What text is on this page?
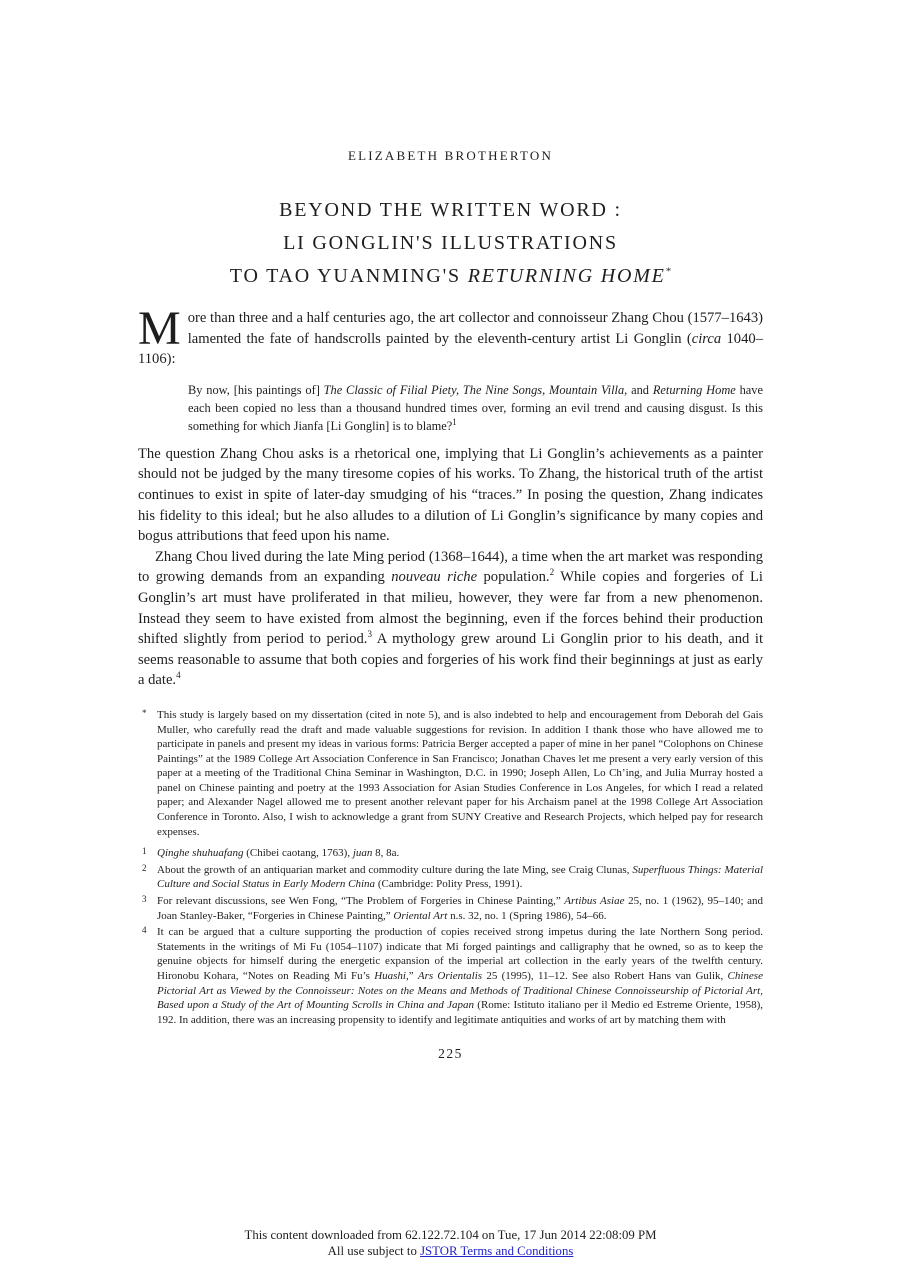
ELIZABETH BROTHERTON
BEYOND THE WRITTEN WORD :
LI GONGLIN'S ILLUSTRATIONS
TO TAO YUANMING'S RETURNING HOME*

More than three and a half centuries ago, the art collector and connoisseur Zhang Chou (1577–1643) lamented the fate of handscrolls painted by the eleventh-century artist Li Gonglin (circa 1040–1106):

By now, [his paintings of] The Classic of Filial Piety, The Nine Songs, Mountain Villa, and Returning Home have each been copied no less than a thousand hundred times over, forming an evil trend and causing disgust. Is this something for which Jianfa [Li Gonglin] is to blame?$^1$

The question Zhang Chou asks is a rhetorical one, implying that Li Gonglin’s achievements as a painter should not be judged by the many tiresome copies of his works. To Zhang, the historical truth of the artist continues to exist in spite of later-day smudging of his “traces.” In posing the question, Zhang indicates his fidelity to this ideal; but he also alludes to a dilution of Li Gonglin’s significance by many copies and bogus attributions that feed upon his name.

Zhang Chou lived during the late Ming period (1368–1644), a time when the art market was responding to growing demands from an expanding nouveau riche population.$^2$ While copies and forgeries of Li Gonglin’s art must have proliferated in that milieu, however, they were far from a new phenomenon. Instead they seem to have existed from almost the beginning, even if the forces behind their production shifted slightly from period to period.$^3$ A mythology grew around Li Gonglin prior to his death, and it seems reasonable to assume that both copies and forgeries of his work find their beginnings at just as early a date.$^4$

* This study is largely based on my dissertation (cited in note 5), and is also indebted to help and encouragement from Deborah del Gais Muller, who carefully read the draft and made valuable suggestions for revision. In addition I thank those who have allowed me to participate in panels and present my ideas in various forms: Patricia Berger accepted a paper of mine in her panel “Colophons on Chinese Paintings” at the 1989 College Art Association Conference in San Francisco; Jonathan Chaves let me present a very early version of this paper at a meeting of the Traditional China Seminar in Washington, D.C. in 1990; Joseph Allen, Lo Ch’ing, and Julia Murray hosted a panel on Chinese painting and poetry at the 1993 Association for Asian Studies Conference in Los Angeles, for which I read a related paper; and Alexander Nagel allowed me to present another relevant paper for his Archaism panel at the 1998 College Art Association Conference in Toronto. Also, I wish to acknowledge a grant from SUNY Creative and Research Projects, which helped pay for research expenses.
1 Qinghe shuhuafang (Chibei caotang, 1763), juan 8, 8a.
2 About the growth of an antiquarian market and commodity culture during the late Ming, see Craig Clunas, Superfluous Things: Material Culture and Social Status in Early Modern China (Cambridge: Polity Press, 1991).
3 For relevant discussions, see Wen Fong, “The Problem of Forgeries in Chinese Painting,” Artibus Asiae 25, no. 1 (1962), 95–140; and Joan Stanley-Baker, “Forgeries in Chinese Painting,” Oriental Art n.s. 32, no. 1 (Spring 1986), 54–66.
4 It can be argued that a culture supporting the production of copies received strong impetus during the late Northern Song period. Statements in the writings of Mi Fu (1054–1107) indicate that Mi forged paintings and calligraphy that he owned, so as to keep the genuine objects for himself during the energetic expansion of the imperial art collection in the early years of the twelfth century. Hironobu Kohara, “Notes on Reading Mi Fu’s Huashi,” Ars Orientalis 25 (1995), 11–12. See also Robert Hans van Gulik, Chinese Pictorial Art as Viewed by the Connoisseur: Notes on the Means and Methods of Traditional Chinese Connoisseurship of Pictorial Art, Based upon a Study of the Art of Mounting Scrolls in China and Japan (Rome: Istituto italiano per il Medio ed Estreme Oriente, 1958), 192. In addition, there was an increasing propensity to identify and legitimate antiquities and works of art by matching them with
225
This content downloaded from 62.122.72.104 on Tue, 17 Jun 2014 22:08:09 PM
All use subject to JSTOR Terms and Conditions
